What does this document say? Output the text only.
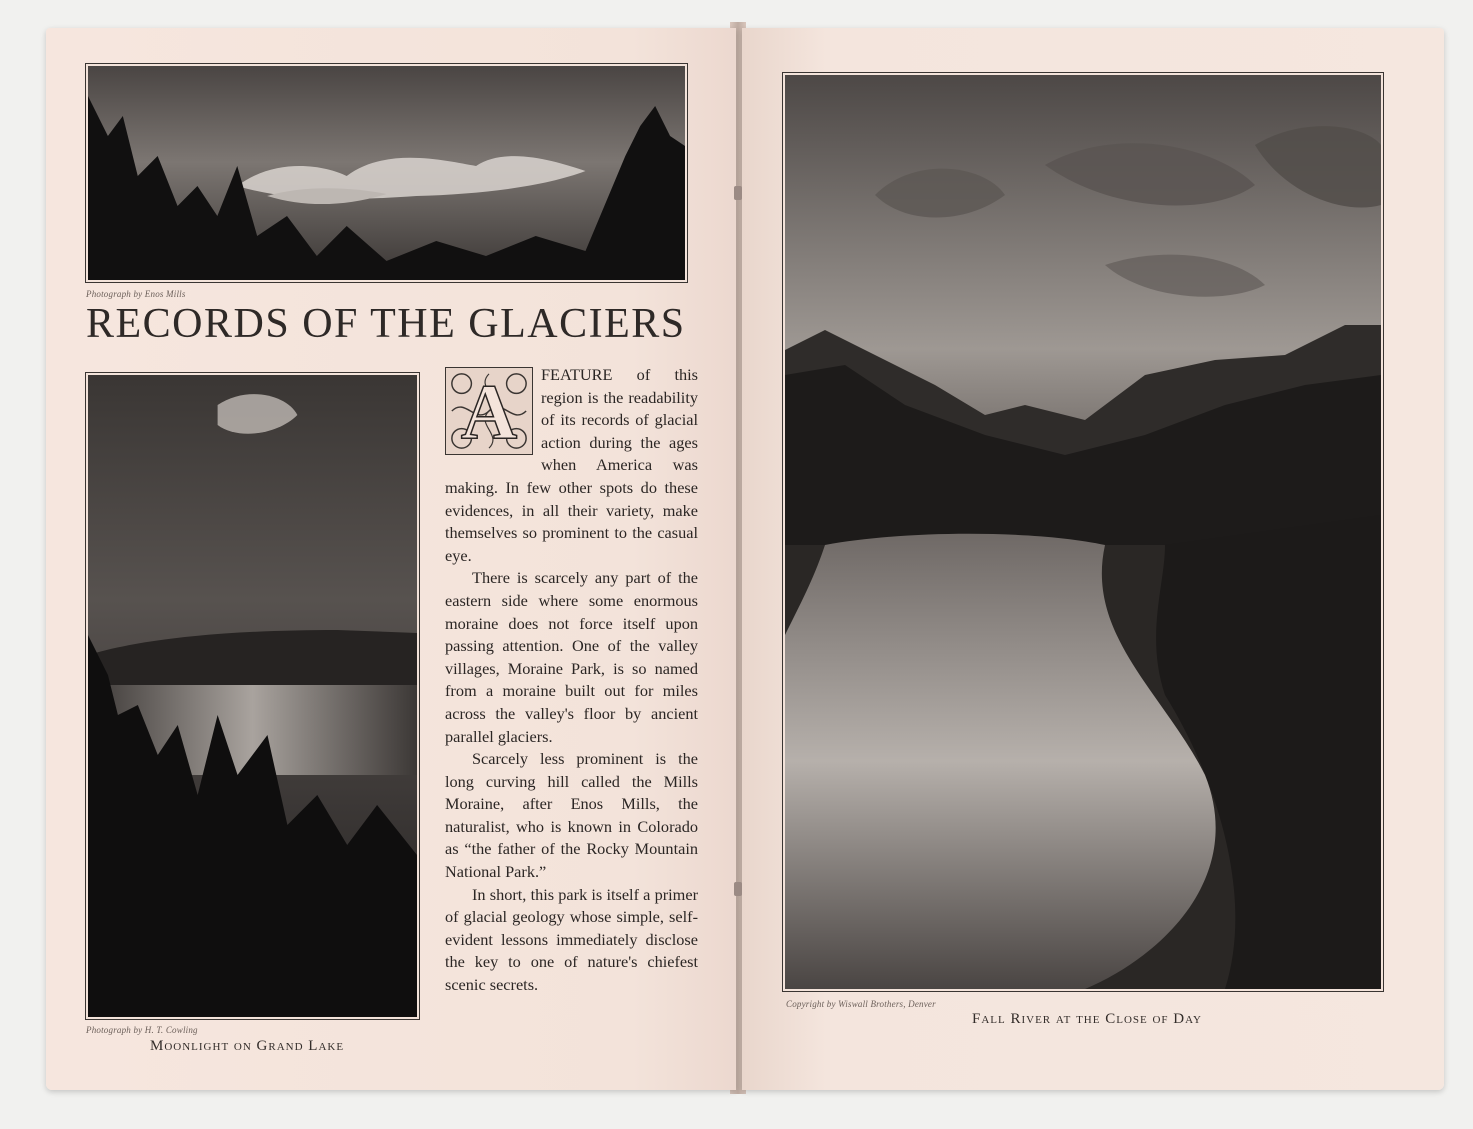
Photograph by Enos Mills
RECORDS OF THE GLACIERS
Photograph by H. T. Cowling
Moonlight on Grand Lake

A	FEATURE of this region is the readability of its records of glacial action during the ages when America was making. In few other spots do these evidences, in all their variety, make themselves so prominent to the casual eye.

There is scarcely any part of the eastern side where some enormous moraine does not force itself upon passing attention. One of the valley villages, Moraine Park, is so named from a moraine built out for miles across the valley's floor by ancient parallel glaciers.

Scarcely less prominent is the long curving hill called the Mills Moraine, after Enos Mills, the naturalist, who is known in Colorado as “the father of the Rocky Mountain National Park.”

In short, this park is itself a primer of glacial geology whose simple, self-evident lessons immediately disclose the key to one of nature's chiefest scenic secrets.

Copyright by Wiswall Brothers, Denver
Fall River at the Close of Day
